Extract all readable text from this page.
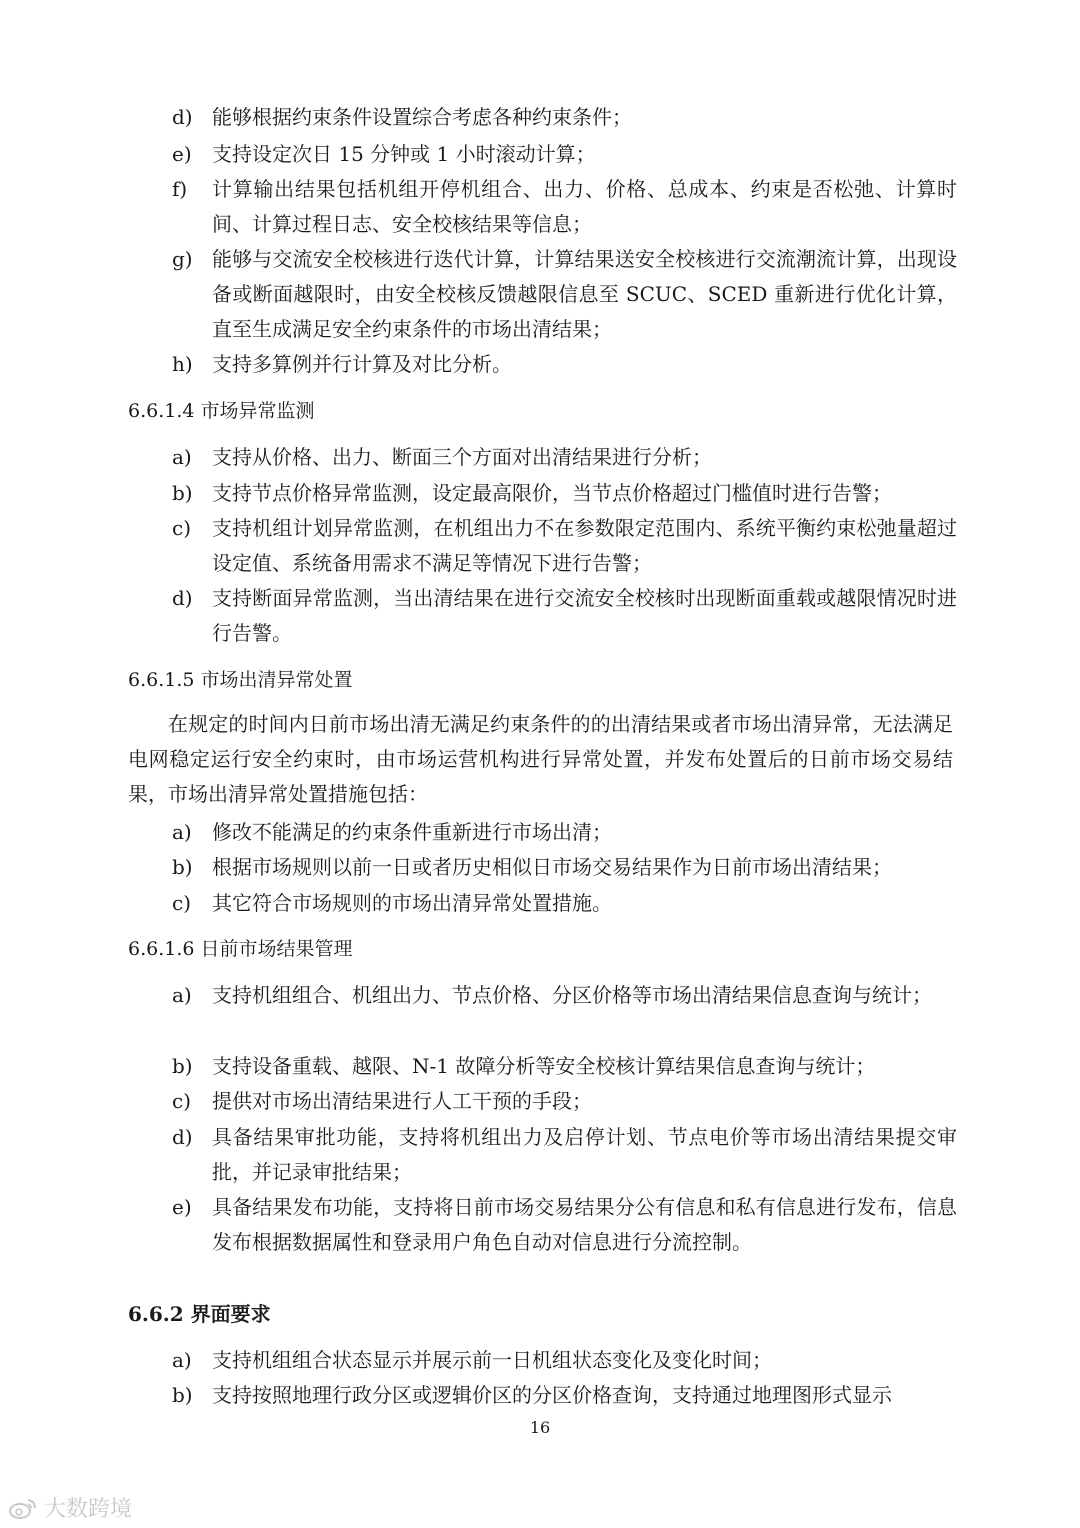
d) 能够根据约束条件设置综合考虑各种约束条件；
e) 支持设定次日 15 分钟或 1 小时滚动计算；
f) 计算输出结果包括机组开停机组合、出力、价格、总成本、约束是否松弛、计算时间、计算过程日志、安全校核结果等信息；
g) 能够与交流安全校核进行迭代计算，计算结果送安全校核进行交流潮流计算，出现设备或断面越限时，由安全校核反馈越限信息至 SCUC、SCED 重新进行优化计算，直至生成满足安全约束条件的市场出清结果；
h) 支持多算例并行计算及对比分析。
6.6.1.4 市场异常监测
a) 支持从价格、出力、断面三个方面对出清结果进行分析；
b) 支持节点价格异常监测，设定最高限价，当节点价格超过门槛值时进行告警；
c) 支持机组计划异常监测，在机组出力不在参数限定范围内、系统平衡约束松弛量超过设定值、系统备用需求不满足等情况下进行告警；
d) 支持断面异常监测，当出清结果在进行交流安全校核时出现断面重载或越限情况时进行告警。
6.6.1.5 市场出清异常处置
在规定的时间内日前市场出清无满足约束条件的的出清结果或者市场出清异常，无法满足电网稳定运行安全约束时，由市场运营机构进行异常处置，并发布处置后的日前市场交易结果，市场出清异常处置措施包括：
a) 修改不能满足的约束条件重新进行市场出清；
b) 根据市场规则以前一日或者历史相似日市场交易结果作为日前市场出清结果；
c) 其它符合市场规则的市场出清异常处置措施。
6.6.1.6 日前市场结果管理
a) 支持机组组合、机组出力、节点价格、分区价格等市场出清结果信息查询与统计；
b) 支持设备重载、越限、N-1 故障分析等安全校核计算结果信息查询与统计；
c) 提供对市场出清结果进行人工干预的手段；
d) 具备结果审批功能，支持将机组出力及启停计划、节点电价等市场出清结果提交审批，并记录审批结果；
e) 具备结果发布功能，支持将日前市场交易结果分公有信息和私有信息进行发布，信息发布根据数据属性和登录用户角色自动对信息进行分流控制。
6.6.2 界面要求
a) 支持机组组合状态显示并展示前一日机组状态变化及变化时间；
b) 支持按照地理行政分区或逻辑价区的分区价格查询，支持通过地理图形式显示
16
大数跨境
